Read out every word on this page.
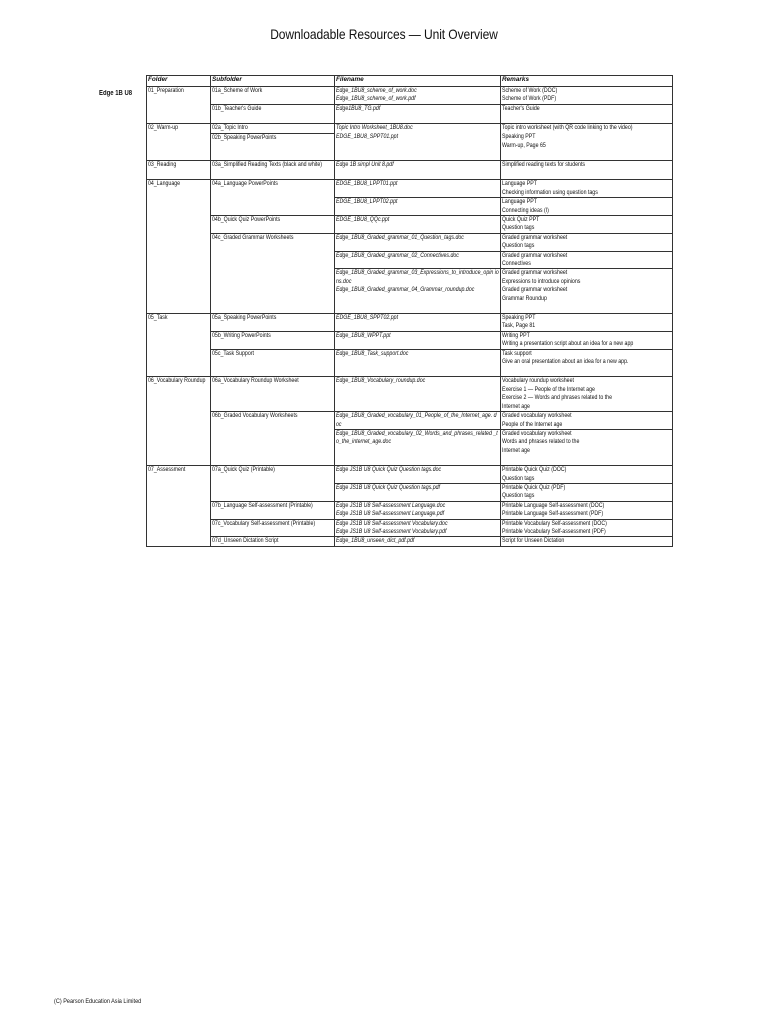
Downloadable Resources — Unit Overview
Edge 1B U8
Folder	Subfolder	Filename	Remarks

01_Preparation	01a_Scheme of Work	Edge_1BU8_scheme_of_work.doc	Scheme of Work (DOC)

		Edge_1BU8_scheme_of_work.pdf	Scheme of Work (PDF)

	01b_Teacher's Guide	Edge1BU8_TG.pdf	Teacher's Guide

02_Warm-up	02a_Topic Intro	Topic Intro Worksheet_1BU8.doc	Topic intro worksheet (with QR code linking to the video)

	02b_Speaking PowerPoints	EDGE_1BU8_SPPT01.ppt	Speaking PPT
Warm-up, Page 65

03_Reading	03a_Simplified Reading Texts (black and white)	Edge 1B simpl Unit 8.pdf	Simplified reading texts for students

04_Language	04a_Language PowerPoints	EDGE_1BU8_LPPT01.ppt	Language PPT
Checking information using question tags

		EDGE_1BU8_LPPT02.ppt	Language PPT
Connecting ideas (I)

	04b_Quick Quiz PowerPoints	EDGE_1BU8_QQc.ppt	Quick Quiz PPT
Question tags

	04c_Graded Grammar Worksheets	Edge_1BU8_Graded_grammar_01_Question_tags.doc	Graded grammar worksheet
Question tags

		Edge_1BU8_Graded_grammar_02_Connectives.doc	Graded grammar worksheet
Connectives

		Edge_1BU8_Graded_grammar_03_Expressions_to_introduce_opin ions.doc	Graded grammar worksheet
Expressions to introduce opinions

		Edge_1BU8_Graded_grammar_04_Grammar_roundup.doc	Graded grammar worksheet
Grammar Roundup

05_Task	05a_Speaking PowerPoints	EDGE_1BU8_SPPT02.ppt	Speaking PPT
Task, Page 81

	05b_Writing PowerPoints	Edge_1BU8_WPPT.ppt	Writing PPT
Writing a presentation script about an idea for a new app

	05c_Task Support	Edge_1BU8_Task_support.doc	Task support
Give an oral presentation about an idea for a new app.

06_Vocabulary Roundup	06a_Vocabulary Roundup Worksheet	Edge_1BU8_Vocabulary_roundup.doc	Vocabulary roundup worksheet
Exercise 1 — People of the Internet age
Exercise 2 — Words and phrases related to the
Internet age

	06b_Graded Vocabulary Worksheets	Edge_1BU8_Graded_vocabulary_01_People_of_the_Internet_age. doc	Graded vocabulary worksheet
People of the Internet age

		Edge_1BU8_Graded_vocabulary_02_Words_and_phrases_related _to_the_internet_age.doc	Graded vocabulary worksheet
Words and phrases related to the
Internet age

07_Assessment	07a_Quick Quiz (Printable)	Edge JS1B U8 Quick Quiz Question tags.doc	Printable Quick Quiz (DOC)
Question tags

		Edge JS1B U8 Quick Quiz Question tags.pdf	Printable Quick Quiz (PDF)
Question tags

	07b_Language Self-assessment (Printable)	Edge JS1B U8 Self-assessment Language.doc	Printable Language Self-assessment (DOC)

		Edge JS1B U8 Self-assessment Language.pdf	Printable Language Self-assessment (PDF)

	07c_Vocabulary Self-assessment (Printable)	Edge JS1B U8 Self-assessment Vocabulary.doc	Printable Vocabulary Self-assessment (DOC)

		Edge JS1B U8 Self-assessment Vocabulary.pdf	Printable Vocabulary Self-assessment (PDF)

	07d_Unseen Dictation Script	Edge_1BU8_unseen_dict_pdf.pdf	Script for Unseen Dictation
(C) Pearson Education Asia Limited
